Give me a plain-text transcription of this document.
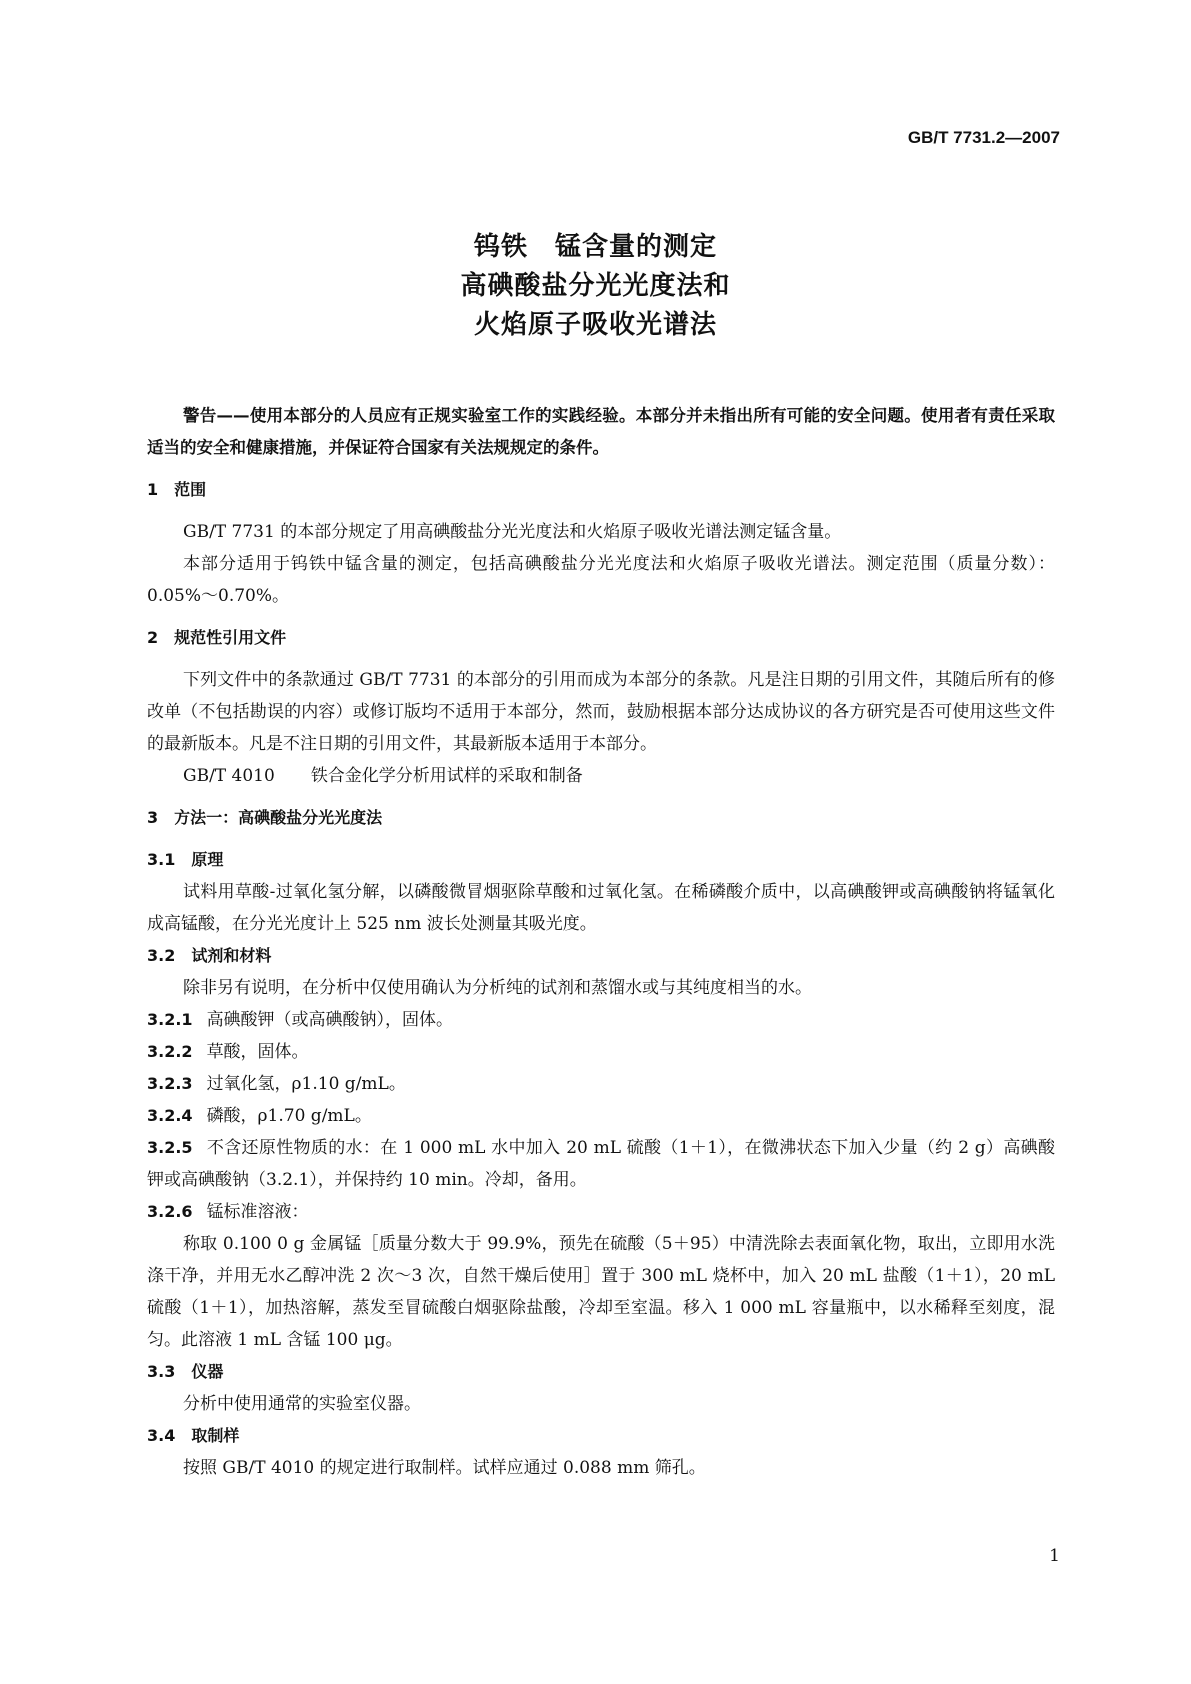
GB/T 7731.2—2007
钨铁　锰含量的测定
高碘酸盐分光光度法和
火焰原子吸收光谱法

警告——使用本部分的人员应有正规实验室工作的实践经验。本部分并未指出所有可能的安全问题。使用者有责任采取适当的安全和健康措施，并保证符合国家有关法规规定的条件。

1 范围

GB/T 7731 的本部分规定了用高碘酸盐分光光度法和火焰原子吸收光谱法测定锰含量。

本部分适用于钨铁中锰含量的测定，包括高碘酸盐分光光度法和火焰原子吸收光谱法。测定范围（质量分数）：0.05%～0.70%。

2 规范性引用文件

下列文件中的条款通过 GB/T 7731 的本部分的引用而成为本部分的条款。凡是注日期的引用文件，其随后所有的修改单（不包括勘误的内容）或修订版均不适用于本部分，然而，鼓励根据本部分达成协议的各方研究是否可使用这些文件的最新版本。凡是不注日期的引用文件，其最新版本适用于本部分。

GB/T 4010 铁合金化学分析用试样的采取和制备

3 方法一：高碘酸盐分光光度法
3.1 原理

试料用草酸-过氧化氢分解，以磷酸微冒烟驱除草酸和过氧化氢。在稀磷酸介质中，以高碘酸钾或高碘酸钠将锰氧化成高锰酸，在分光光度计上 525 nm 波长处测量其吸光度。

3.2 试剂和材料

除非另有说明，在分析中仅使用确认为分析纯的试剂和蒸馏水或与其纯度相当的水。

3.2.1 高碘酸钾（或高碘酸钠），固体。

3.2.2 草酸，固体。

3.2.3 过氧化氢，ρ1.10 g/mL。

3.2.4 磷酸，ρ1.70 g/mL。

3.2.5 不含还原性物质的水：在 1 000 mL 水中加入 20 mL 硫酸（1＋1），在微沸状态下加入少量（约 2 g）高碘酸钾或高碘酸钠（3.2.1），并保持约 10 min。冷却，备用。

3.2.6 锰标准溶液：

称取 0.100 0 g 金属锰［质量分数大于 99.9%，预先在硫酸（5＋95）中清洗除去表面氧化物，取出，立即用水洗涤干净，并用无水乙醇冲洗 2 次～3 次，自然干燥后使用］置于 300 mL 烧杯中，加入 20 mL 盐酸（1＋1），20 mL 硫酸（1＋1），加热溶解，蒸发至冒硫酸白烟驱除盐酸，冷却至室温。移入 1 000 mL 容量瓶中，以水稀释至刻度，混匀。此溶液 1 mL 含锰 100 μg。

3.3 仪器

分析中使用通常的实验室仪器。

3.4 取制样

按照 GB/T 4010 的规定进行取制样。试样应通过 0.088 mm 筛孔。

1
